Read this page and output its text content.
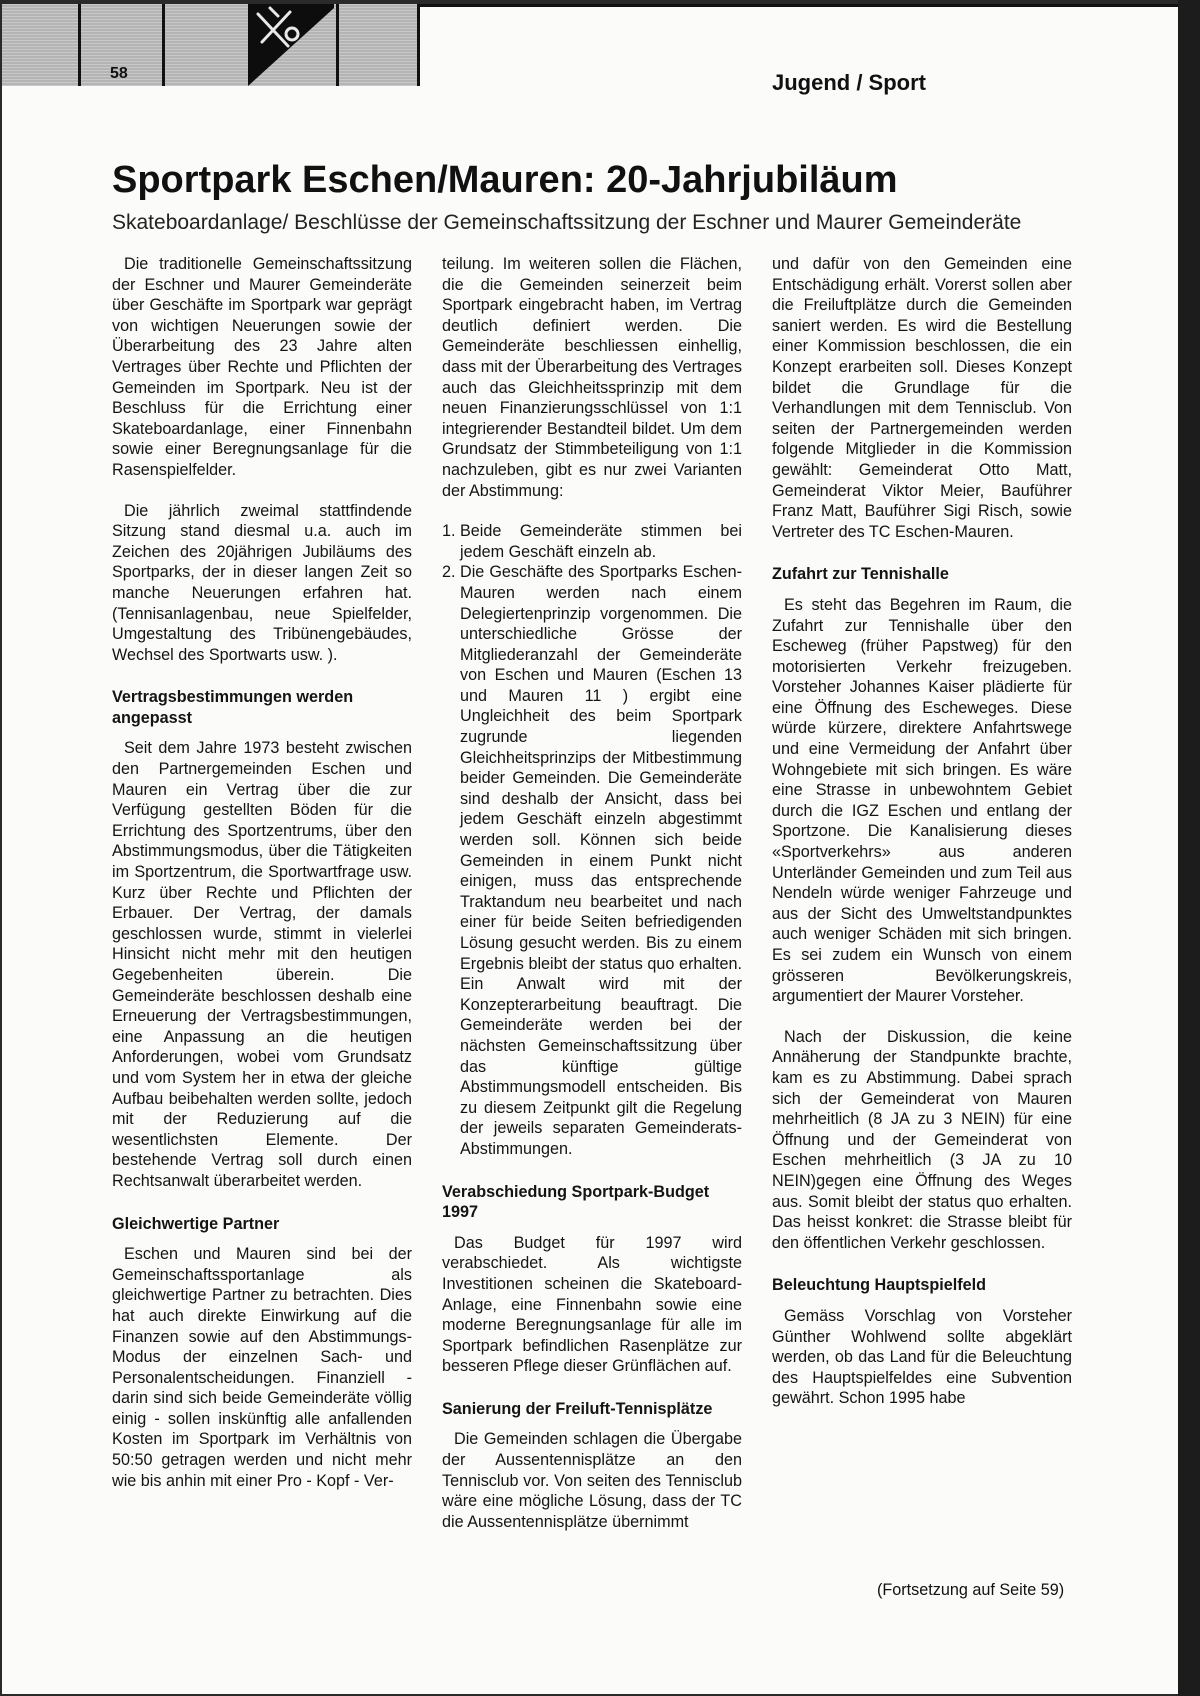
58	Jugend / Sport
Sportpark Eschen/Mauren: 20-Jahrjubiläum
Skateboardanlage/ Beschlüsse der Gemeinschaftssitzung der Eschner und Maurer Gemeinderäte

Die traditionelle Gemeinschaftssitzung der Eschner und Maurer Gemeinderäte über Geschäfte im Sportpark war geprägt von wichtigen Neuerungen sowie der Überarbeitung des 23 Jahre alten Vertrages über Rechte und Pflichten der Gemeinden im Sportpark. Neu ist der Beschluss für die Errichtung einer Skateboardanlage, einer Finnenbahn sowie einer Beregnungsanlage für die Rasenspielfelder.

Die jährlich zweimal stattfindende Sitzung stand diesmal u.a. auch im Zeichen des 20jährigen Jubiläums des Sportparks, der in dieser langen Zeit so manche Neuerungen erfahren hat. (Tennisanlagenbau, neue Spielfelder, Umgestaltung des Tribünengebäudes, Wechsel des Sportwarts usw. ).

Vertragsbestimmungen werden angepasst

Seit dem Jahre 1973 besteht zwischen den Partnergemeinden Eschen und Mauren ein Vertrag über die zur Verfügung gestellten Böden für die Errichtung des Sportzentrums, über den Abstimmungsmodus, über die Tätigkeiten im Sportzentrum, die Sportwartfrage usw. Kurz über Rechte und Pflichten der Erbauer. Der Vertrag, der damals geschlossen wurde, stimmt in vielerlei Hinsicht nicht mehr mit den heutigen Gegebenheiten überein. Die Gemeinderäte beschlossen deshalb eine Erneuerung der Vertragsbestimmungen, eine Anpassung an die heutigen Anforderungen, wobei vom Grundsatz und vom System her in etwa der gleiche Aufbau beibehalten werden sollte, jedoch mit der Reduzierung auf die wesentlichsten Elemente. Der bestehende Vertrag soll durch einen Rechtsanwalt überarbeitet werden.

Gleichwertige Partner

Eschen und Mauren sind bei der Gemeinschaftssportanlage als gleichwertige Partner zu betrachten. Dies hat auch direkte Einwirkung auf die Finanzen sowie auf den Abstimmungs-Modus der einzelnen Sach- und Personalentscheidungen. Finanziell - darin sind sich beide Gemeinderäte völlig einig - sollen inskünftig alle anfallenden Kosten im Sportpark im Verhältnis von 50:50 getragen werden und nicht mehr wie bis anhin mit einer Pro - Kopf - Ver-

teilung. Im weiteren sollen die Flächen, die die Gemeinden seinerzeit beim Sportpark eingebracht haben, im Vertrag deutlich definiert werden. Die Gemeinderäte beschliessen einhellig, dass mit der Überarbeitung des Vertrages auch das Gleichheitssprinzip mit dem neuen Finanzierungsschlüssel von 1:1 integrierender Bestandteil bildet. Um dem Grundsatz der Stimmbeteiligung von 1:1 nachzuleben, gibt es nur zwei Varianten der Abstimmung:

1. Beide Gemeinderäte stimmen bei jedem Geschäft einzeln ab.
2. Die Geschäfte des Sportparks Eschen-Mauren werden nach einem Delegiertenprinzip vorgenommen. Die unterschiedliche Grösse der Mitgliederanzahl der Gemeinderäte von Eschen und Mauren (Eschen 13 und Mauren 11 ) ergibt eine Ungleichheit des beim Sportpark zugrunde liegenden Gleichheitsprinzips der Mitbestimmung beider Gemeinden. Die Gemeinderäte sind deshalb der Ansicht, dass bei jedem Geschäft einzeln abgestimmt werden soll. Können sich beide Gemeinden in einem Punkt nicht einigen, muss das entsprechende Traktandum neu bearbeitet und nach einer für beide Seiten befriedigenden Lösung gesucht werden. Bis zu einem Ergebnis bleibt der status quo erhalten. Ein Anwalt wird mit der Konzepterarbeitung beauftragt. Die Gemeinderäte werden bei der nächsten Gemeinschaftssitzung über das künftige gültige Abstimmungsmodell entscheiden. Bis zu diesem Zeitpunkt gilt die Regelung der jeweils separaten Gemeinderats-Abstimmungen.
Verabschiedung Sportpark-Budget 1997

Das Budget für 1997 wird verabschiedet. Als wichtigste Investitionen scheinen die Skateboard- Anlage, eine Finnenbahn sowie eine moderne Beregnungsanlage für alle im Sportpark befindlichen Rasenplätze zur besseren Pflege dieser Grünflächen auf.

Sanierung der Freiluft-Tennisplätze

Die Gemeinden schlagen die Übergabe der Aussentennisplätze an den Tennisclub vor. Von seiten des Tennisclub wäre eine mögliche Lösung, dass der TC die Aussentennisplätze übernimmt

und dafür von den Gemeinden eine Entschädigung erhält. Vorerst sollen aber die Freiluftplätze durch die Gemeinden saniert werden. Es wird die Bestellung einer Kommission beschlossen, die ein Konzept erarbeiten soll. Dieses Konzept bildet die Grundlage für die Verhandlungen mit dem Tennisclub. Von seiten der Partnergemeinden werden folgende Mitglieder in die Kommission gewählt: Gemeinderat Otto Matt, Gemeinderat Viktor Meier, Bauführer Franz Matt, Bauführer Sigi Risch, sowie Vertreter des TC Eschen-Mauren.

Zufahrt zur Tennishalle

Es steht das Begehren im Raum, die Zufahrt zur Tennishalle über den Escheweg (früher Papstweg) für den motorisierten Verkehr freizugeben. Vorsteher Johannes Kaiser plädierte für eine Öffnung des Escheweges. Diese würde kürzere, direktere Anfahrtswege und eine Vermeidung der Anfahrt über Wohngebiete mit sich bringen. Es wäre eine Strasse in unbewohntem Gebiet durch die IGZ Eschen und entlang der Sportzone. Die Kanalisierung dieses «Sportverkehrs» aus anderen Unterländer Gemeinden und zum Teil aus Nendeln würde weniger Fahrzeuge und aus der Sicht des Umweltstandpunktes auch weniger Schäden mit sich bringen. Es sei zudem ein Wunsch von einem grösseren Bevölkerungskreis, argumentiert der Maurer Vorsteher.

Nach der Diskussion, die keine Annäherung der Standpunkte brachte, kam es zu Abstimmung. Dabei sprach sich der Gemeinderat von Mauren mehrheitlich (8 JA zu 3 NEIN) für eine Öffnung und der Gemeinderat von Eschen mehrheitlich (3 JA zu 10 NEIN)gegen eine Öffnung des Weges aus. Somit bleibt der status quo erhalten. Das heisst konkret: die Strasse bleibt für den öffentlichen Verkehr geschlossen.

Beleuchtung Hauptspielfeld

Gemäss Vorschlag von Vorsteher Günther Wohlwend sollte abgeklärt werden, ob das Land für die Beleuchtung des Hauptspielfeldes eine Subvention gewährt. Schon 1995 habe

(Fortsetzung auf Seite 59)
